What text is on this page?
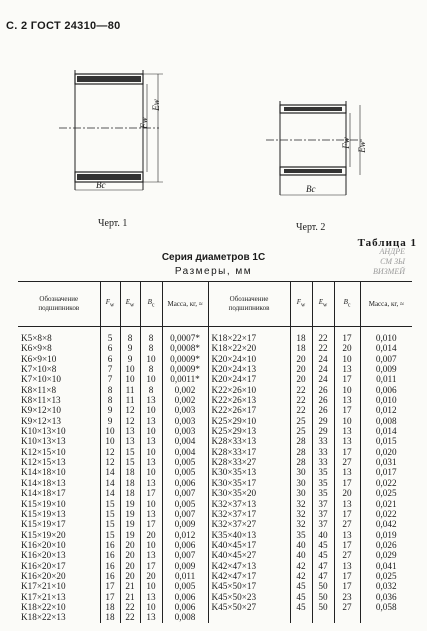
С. 2 ГОСТ 24310—80
Fw
Ew
Bc
Черт. 1
Fw Ew
Bc
Черт. 2
Таблица 1
АНДРЕ
СМ ЗЫ
ВИЗМЕЙ
Серия диаметров 1С
Размеры, мм
Обозначение подшипников	$F_w$	$E_w$	$B_c$	Масса, кг, ≈	Обозначение подшипников	$F_w$	$E_w$	$B_c$	Масса, кг, ≈
K5×8×8	5	8	8	0,0007*	K18×22×17	18	22	17	0,010
K6×9×8	6	9	8	0,0008*	K18×22×20	18	22	20	0,014
K6×9×10	6	9	10	0,0009*	K20×24×10	20	24	10	0,007
K7×10×8	7	10	8	0,0009*	K20×24×13	20	24	13	0,009
K7×10×10	7	10	10	0,0011*	K20×24×17	20	24	17	0,011
K8×11×8	8	11	8	0,002	K22×26×10	22	26	10	0,006
K8×11×13	8	11	13	0,002	K22×26×13	22	26	13	0,010
K9×12×10	9	12	10	0,003	K22×26×17	22	26	17	0,012
K9×12×13	9	12	13	0,003	K25×29×10	25	29	10	0,008
K10×13×10	10	13	10	0,003	K25×29×13	25	29	13	0,014
K10×13×13	10	13	13	0,004	K28×33×13	28	33	13	0,015
K12×15×10	12	15	10	0,004	K28×33×17	28	33	17	0,020
K12×15×13	12	15	13	0,005	K28×33×27	28	33	27	0,031
K14×18×10	14	18	10	0,005	K30×35×13	30	35	13	0,017
K14×18×13	14	18	13	0,006	K30×35×17	30	35	17	0,022
K14×18×17	14	18	17	0,007	K30×35×20	30	35	20	0,025
K15×19×10	15	19	10	0,005	K32×37×13	32	37	13	0,021
K15×19×13	15	19	13	0,007	K32×37×17	32	37	17	0,022
K15×19×17	15	19	17	0,009	K32×37×27	32	37	27	0,042
K15×19×20	15	19	20	0,012	K35×40×13	35	40	13	0,019
K16×20×10	16	20	10	0,006	K40×45×17	40	45	17	0,026
K16×20×13	16	20	13	0,007	K40×45×27	40	45	27	0,029
K16×20×17	16	20	17	0,009	K42×47×13	42	47	13	0,041
K16×20×20	16	20	20	0,011	K42×47×17	42	47	17	0,025
K17×21×10	17	21	10	0,005	K45×50×17	45	50	17	0,032
K17×21×13	17	21	13	0,006	K45×50×23	45	50	23	0,036
K18×22×10	18	22	10	0,006	K45×50×27	45	50	27	0,058
K18×22×13	18	22	13	0,008					
